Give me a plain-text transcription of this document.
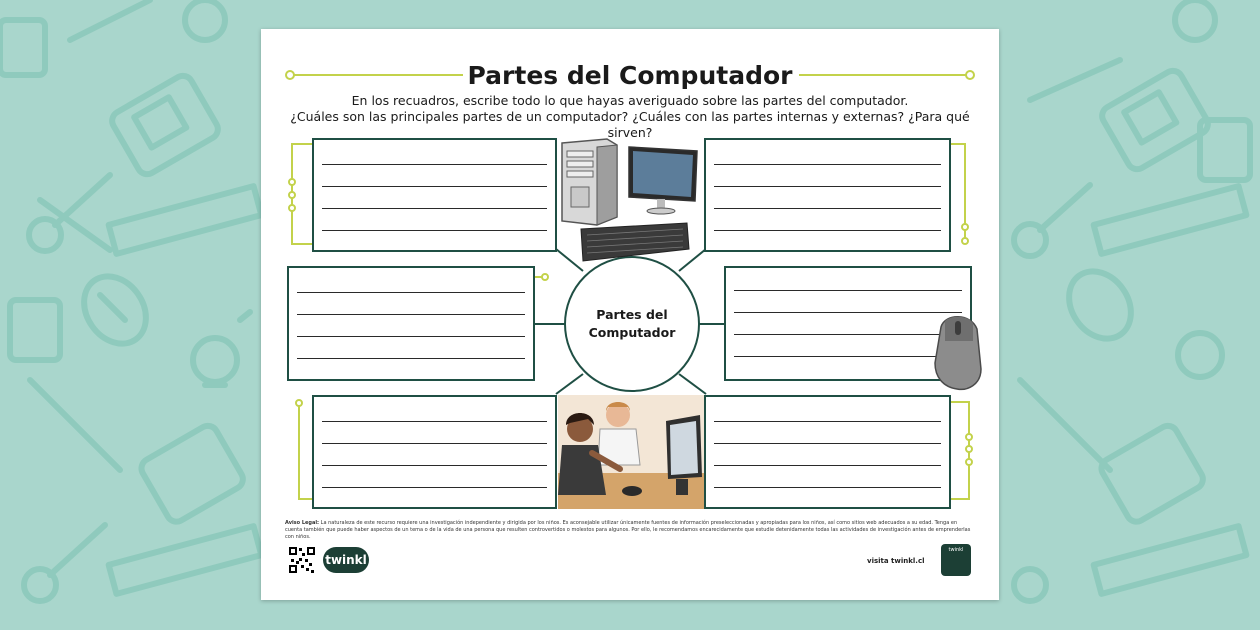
Partes del Computador
En los recuadros, escribe todo lo que hayas averiguado sobre las partes del computador.
¿Cuáles son las principales partes de un computador? ¿Cuáles con las partes internas y externas? ¿Para qué sirven?
Partes del
Computador
Aviso Legal: La naturaleza de este recurso requiere una investigación independiente y dirigida por los niños. Es aconsejable utilizar únicamente fuentes de información preseleccionadas y apropiadas para los niños, así como sitios web adecuados a su edad. Tenga en cuenta también que puede haber aspectos de un tema o de la vida de una persona que resulten controvertidos o molestos para algunos. Por ello, le recomendamos encarecidamente que estudie detenidamente todas las actividades de investigación antes de emprenderlas con niños.
twinkl	visita twinkl.cl
twinkl
